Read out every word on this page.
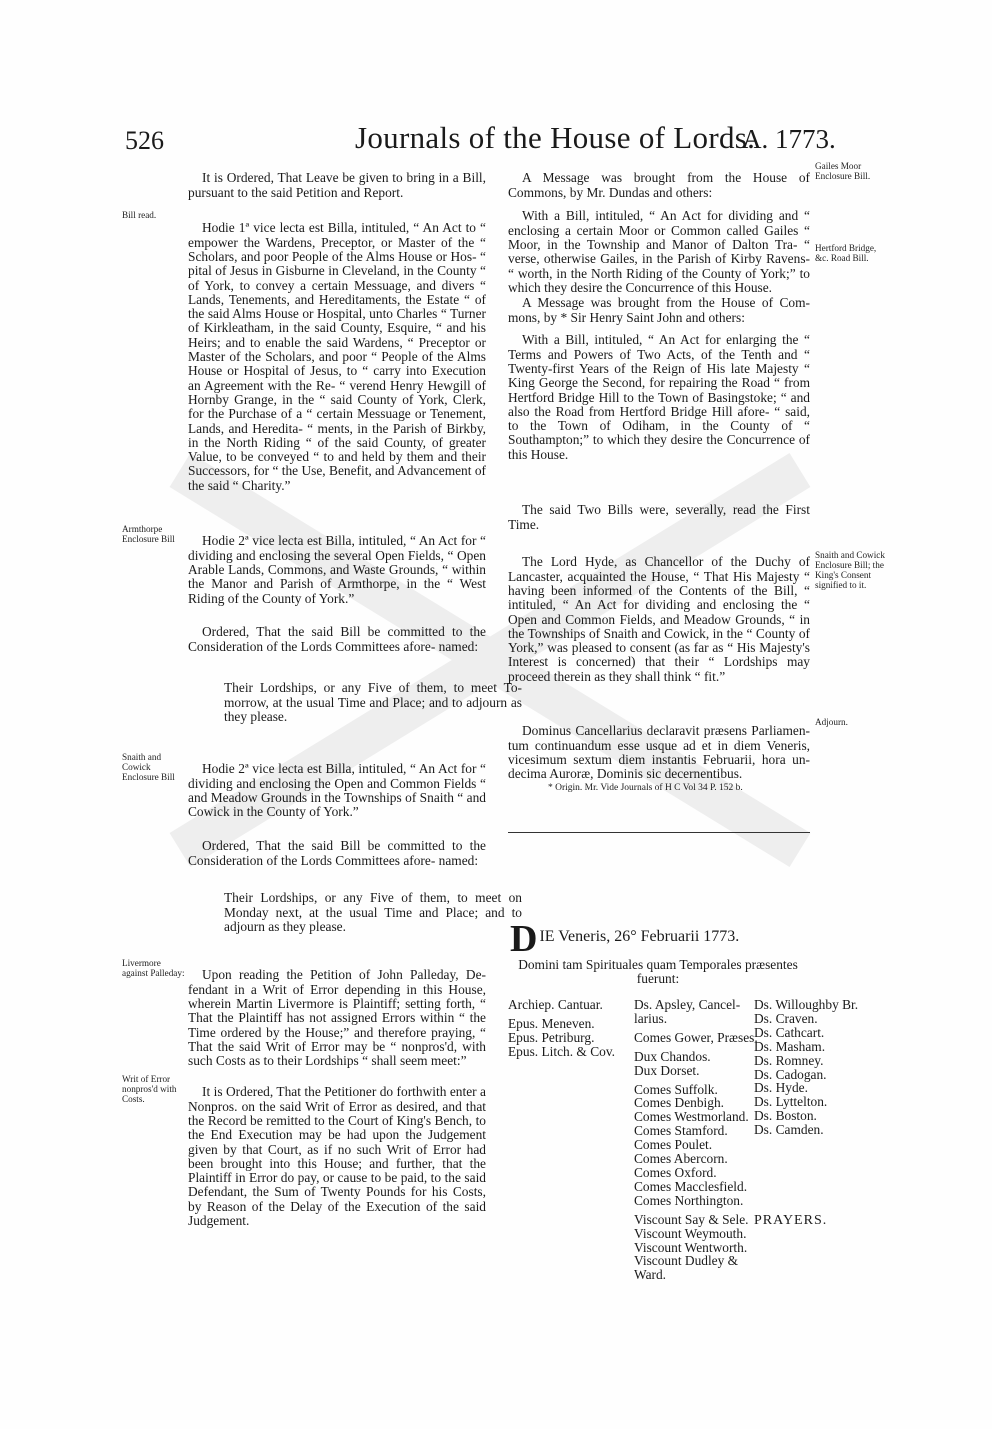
526	Journals of the House of Lords.
A. 1773.
Bill read.
Armthorpe Enclosure Bill
Snaith and Cowick Enclosure Bill
Livermore against Palleday:
Writ of Error nonpros'd with Costs.
Gailes Moor Enclosure Bill.
Hertford Bridge, &c. Road Bill.
Snaith and Cowick Enclosure Bill; the King's Consent signified to it.
Adjourn.

It is Ordered, That Leave be given to bring in a Bill, pursuant to the said Petition and Report.

Hodie 1ª vice lecta est Billa, intituled, “ An Act to “ empower the Wardens, Preceptor, or Master of the “ Scholars, and poor People of the Alms House or Hos- “ pital of Jesus in Gisburne in Cleveland, in the County “ of York, to convey a certain Messuage, and divers “ Lands, Tenements, and Hereditaments, the Estate “ of the said Alms House or Hospital, unto Charles “ Turner of Kirkleatham, in the said County, Esquire, “ and his Heirs; and to enable the said Wardens, “ Preceptor or Master of the Scholars, and poor “ People of the Alms House or Hospital of Jesus, to “ carry into Execution an Agreement with the Re- “ verend Henry Hewgill of Hornby Grange, in the “ said County of York, Clerk, for the Purchase of a “ certain Messuage or Tenement, Lands, and Heredita- “ ments, in the Parish of Birkby, in the North Riding “ of the said County, of greater Value, to be conveyed “ to and held by them and their Successors, for “ the Use, Benefit, and Advancement of the said “ Charity.”

Hodie 2ª vice lecta est Billa, intituled, “ An Act for “ dividing and enclosing the several Open Fields, “ Open Arable Lands, Commons, and Waste Grounds, “ within the Manor and Parish of Armthorpe, in the “ West Riding of the County of York.”

Ordered, That the said Bill be committed to the Consideration of the Lords Committees afore- named:

Their Lordships, or any Five of them, to meet To-morrow, at the usual Time and Place; and to adjourn as they please.

Hodie 2ª vice lecta est Billa, intituled, “ An Act for “ dividing and enclosing the Open and Common Fields “ and Meadow Grounds in the Townships of Snaith “ and Cowick in the County of York.”

Ordered, That the said Bill be committed to the Consideration of the Lords Committees afore- named:

Their Lordships, or any Five of them, to meet on Monday next, at the usual Time and Place; and to adjourn as they please.

Upon reading the Petition of John Palleday, De- fendant in a Writ of Error depending in this House, wherein Martin Livermore is Plaintiff; setting forth, “ That the Plaintiff has not assigned Errors within “ the Time ordered by the House;” and therefore praying, “ That the said Writ of Error may be “ nonpros'd, with such Costs as to their Lordships “ shall seem meet:”

It is Ordered, That the Petitioner do forthwith enter a Nonpros. on the said Writ of Error as desired, and that the Record be remitted to the Court of King's Bench, to the End Execution may be had upon the Judgement given by that Court, as if no such Writ of Error had been brought into this House; and further, that the Plaintiff in Error do pay, or cause to be paid, to the said Defendant, the Sum of Twenty Pounds for his Costs, by Reason of the Delay of the Execution of the said Judgement.

A Message was brought from the House of Commons, by Mr. Dundas and others:

With a Bill, intituled, “ An Act for dividing and “ enclosing a certain Moor or Common called Gailes “ Moor, in the Township and Manor of Dalton Tra- “ verse, otherwise Gailes, in the Parish of Kirby Ravens- “ worth, in the North Riding of the County of York;” to which they desire the Concurrence of this House.

A Message was brought from the House of Com- mons, by * Sir Henry Saint John and others:

With a Bill, intituled, “ An Act for enlarging the “ Terms and Powers of Two Acts, of the Tenth and “ Twenty-first Years of the Reign of His late Majesty “ King George the Second, for repairing the Road “ from Hertford Bridge Hill to the Town of Basingstoke; “ and also the Road from Hertford Bridge Hill afore- “ said, to the Town of Odiham, in the County of “ Southampton;” to which they desire the Concurrence of this House.

The said Two Bills were, severally, read the First Time.

The Lord Hyde, as Chancellor of the Duchy of Lancaster, acquainted the House, “ That His Majesty “ having been informed of the Contents of the Bill, “ intituled, “ An Act for dividing and enclosing the “ Open and Common Fields, and Meadow Grounds, “ in the Townships of Snaith and Cowick, in the “ County of York,” was pleased to consent (as far as “ His Majesty's Interest is concerned) that their “ Lordships may proceed therein as they shall think “ fit.”

Dominus Cancellarius declaravit præsens Parliamen- tum continuandum esse usque ad et in diem Veneris, vicesimum sextum diem instantis Februarii, hora un- decima Auroræ, Dominis sic decernentibus.

* Origin. Mr. Vide Journals of H C Vol 34 P. 152 b.

D IE Veneris, 26° Februarii 1773.
Domini tam Spirituales quam Temporales præsentes fuerunt:
Archiep. Cantuar.
Epus. Meneven.
Epus. Petriburg.
Epus. Litch. & Cov.
Ds. Apsley, Cancel-
larius.
Comes Gower, Præses.
Dux Chandos.
Dux Dorset.
Comes Suffolk.
Comes Denbigh.
Comes Westmorland.
Comes Stamford.
Comes Poulet.
Comes Abercorn.
Comes Oxford.
Comes Macclesfield.
Comes Northington.
Viscount Say & Sele.
Viscount Weymouth.
Viscount Wentworth.
Viscount Dudley &
Ward.
Ds. Willoughby Br.
Ds. Craven.
Ds. Cathcart.
Ds. Masham.
Ds. Romney.
Ds. Cadogan.
Ds. Hyde.
Ds. Lyttelton.
Ds. Boston.
Ds. Camden.
PRAYERS.
